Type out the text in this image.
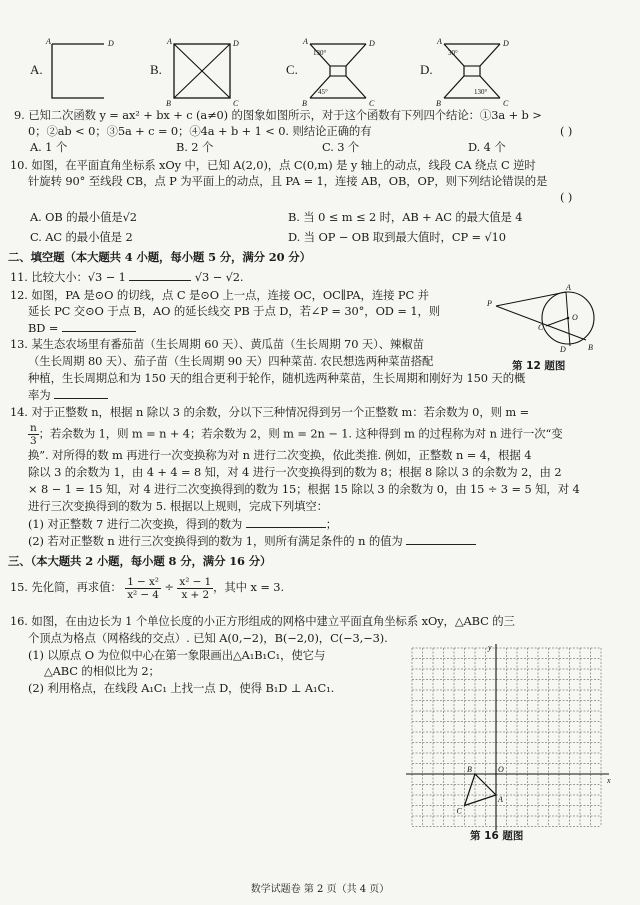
A.
A	D
B.
A	D
B	C
C.
A	D
B	C
130°
45°
D.
A	D
B	C
30°
130°
9. 已知二次函数 y = ax² + bx + c (a≠0) 的图象如图所示，对于这个函数有下列四个结论：①3a + b >
0；②ab < 0；③5a + c = 0；④4a + b + 1 < 0. 则结论正确的有	( )
A. 1 个	B. 2 个	C. 3 个	D. 4 个
10. 如图，在平面直角坐标系 xOy 中，已知 A(2,0)，点 C(0,m) 是 y 轴上的动点，线段 CA 绕点 C 逆时
针旋转 90° 至线段 CB，点 P 为平面上的动点，且 PA = 1，连接 AB，OB，OP，则下列结论错误的是
( )
A. OB 的最小值是√2	B. 当 0 ≤ m ≤ 2 时，AB + AC 的最大值是 4
C. AC 的最小值是 2	D. 当 OP − OB 取到最大值时，CP = √10
二、填空题（本大题共 4 小题，每小题 5 分，满分 20 分）
11. 比较大小：√3 − 1	√3 − √2.
12. 如图，PA 是⊙O 的切线，点 C 是⊙O 上一点，连接 OC，OC∥PA，连接 PC 并
延长 PC 交⊙O 于点 B，AO 的延长线交 PB 于点 D，若∠P = 30°，OD = 1，则
BD =
P
A
O
C
D	B
第 12 题图
13. 某生态农场里有番茄苗（生长周期 60 天）、黄瓜苗（生长周期 70 天）、辣椒苗
（生长周期 80 天）、茄子苗（生长周期 90 天）四种菜苗. 农民想选两种菜苗搭配
种植，生长周期总和为 150 天的组合更利于轮作，随机选两种菜苗，生长周期和刚好为 150 天的概
率为
14. 对于正整数 n，根据 n 除以 3 的余数，分以下三种情况得到另一个正整数 m：若余数为 0，则 m =
$\frac{n}{3}$ ；若余数为 1，则 m = n + 4；若余数为 2，则 m = 2n − 1. 这种得到 m 的过程称为对 n 进行一次“变
换”. 对所得的数 m 再进行一次变换称为对 n 进行二次变换，依此类推. 例如，正整数 n = 4，根据 4
除以 3 的余数为 1，由 4 + 4 = 8 知，对 4 进行一次变换得到的数为 8；根据 8 除以 3 的余数为 2，由 2
× 8 − 1 = 15 知，对 4 进行二次变换得到的数为 15；根据 15 除以 3 的余数为 0，由 15 ÷ 3 = 5 知，对 4
进行三次变换得到的数为 5. 根据以上规则，完成下列填空：
(1) 对正整数 7 进行二次变换，得到的数为	；
(2) 若对正整数 n 进行三次变换得到的数为 1，则所有满足条件的 n 的值为
三、（本大题共 2 小题，每小题 8 分，满分 16 分）
15. 先化简，再求值： $\frac{\text{1 − x²}}{\text{x² − 4}} \div \frac{\text{x² − 1}}{x + 2}$ ，其中 x = 3.
16. 如图，在由边长为 1 个单位长度的小正方形组成的网格中建立平面直角坐标系 xOy，△ABC 的三
个顶点为格点（网格线的交点）. 已知 A(0,−2)，B(−2,0)，C(−3,−3).
(1) 以原点 O 为位似中心在第一象限画出△A₁B₁C₁，使它与
△ABC 的相似比为 2；
(2) 利用格点，在线段 A₁C₁ 上找一点 D，使得 B₁D ⊥ A₁C₁.
y
x
O
A
B
C
第 16 题图
数学试题卷 第 2 页（共 4 页）
